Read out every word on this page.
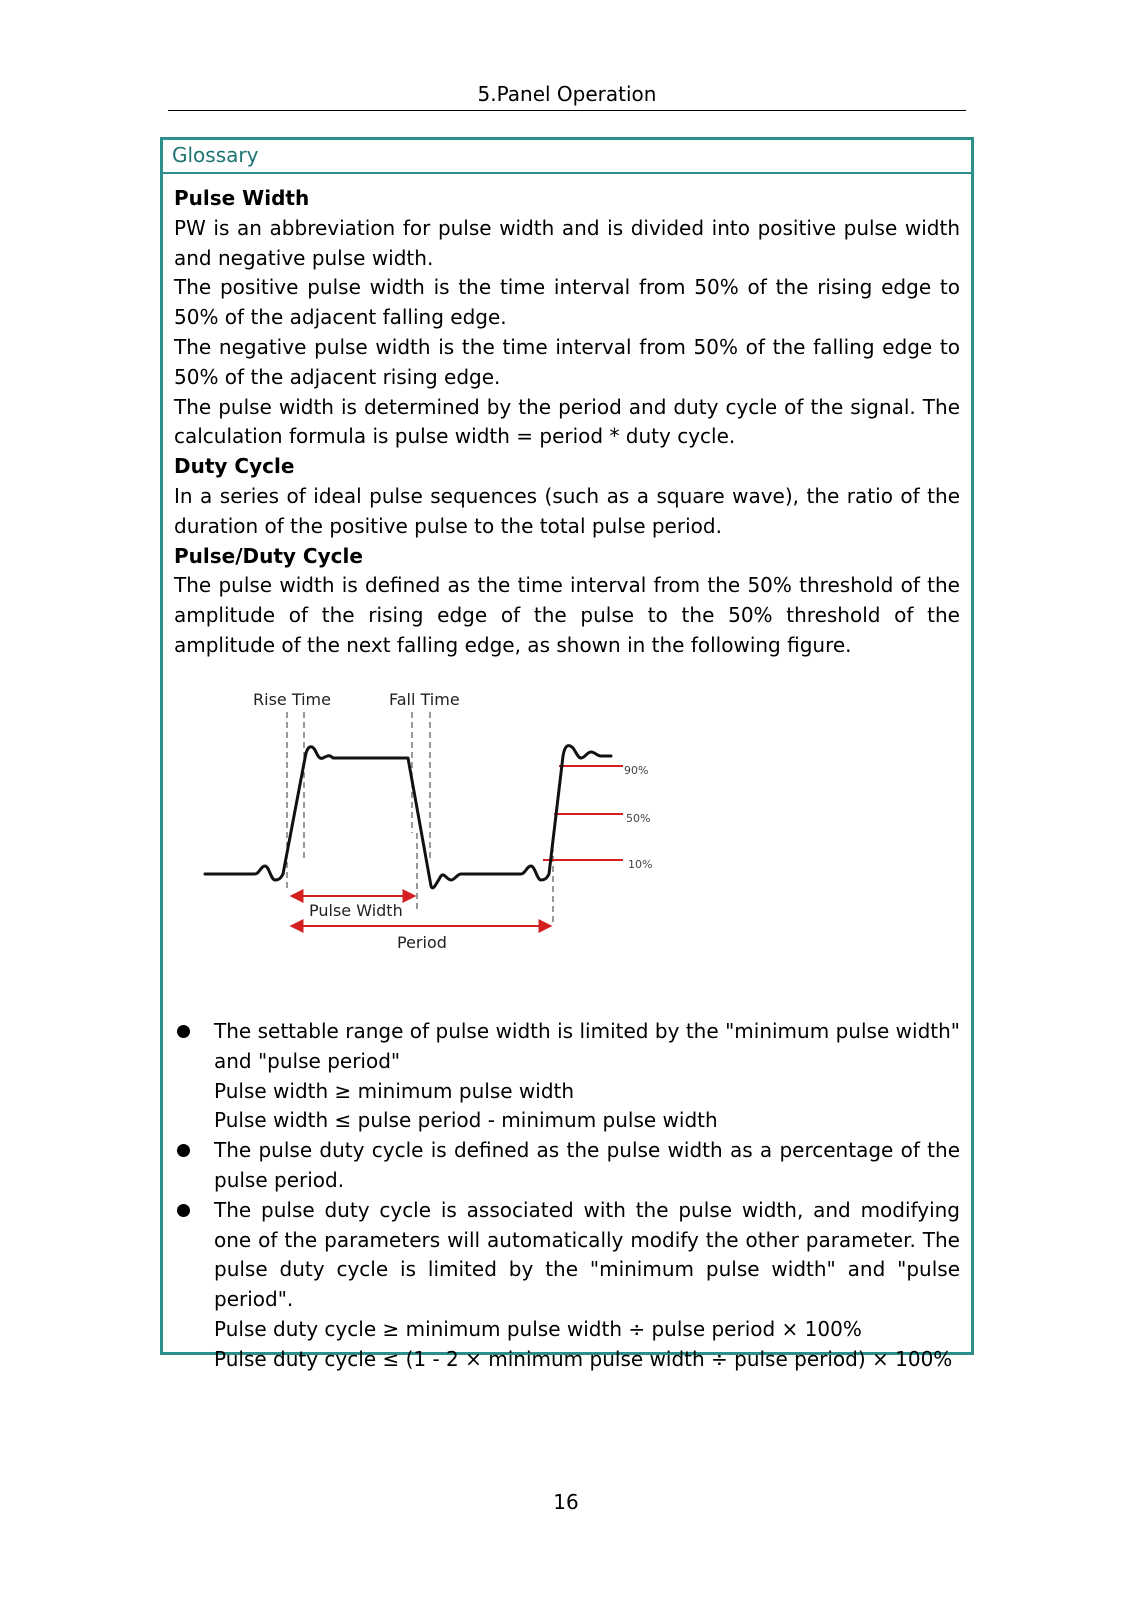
5.Panel Operation
Glossary

Pulse Width

PW is an abbreviation for pulse width and is divided into positive pulse width and negative pulse width.

The positive pulse width is the time interval from 50% of the rising edge to 50% of the adjacent falling edge.

The negative pulse width is the time interval from 50% of the falling edge to 50% of the adjacent rising edge.

The pulse width is determined by the period and duty cycle of the signal. The calculation formula is pulse width = period * duty cycle.

Duty Cycle

In a series of ideal pulse sequences (such as a square wave), the ratio of the duration of the positive pulse to the total pulse period.

Pulse/Duty Cycle

The pulse width is defined as the time interval from the 50% threshold of the amplitude of the rising edge of the pulse to the 50% threshold of the amplitude of the next falling edge, as shown in the following figure.

Rise Time	Fall Time
Pulse Width
Period
90%
50%
10%

The settable range of pulse width is limited by the "minimum pulse width" and "pulse period"

Pulse width ≥ minimum pulse width

Pulse width ≤ pulse period - minimum pulse width

The pulse duty cycle is defined as the pulse width as a percentage of the pulse period.

The pulse duty cycle is associated with the pulse width, and modifying one of the parameters will automatically modify the other parameter. The pulse duty cycle is limited by the "minimum pulse width" and "pulse period".

Pulse duty cycle ≥ minimum pulse width ÷ pulse period × 100%

Pulse duty cycle ≤ (1 - 2 × minimum pulse width ÷ pulse period) × 100%

16
